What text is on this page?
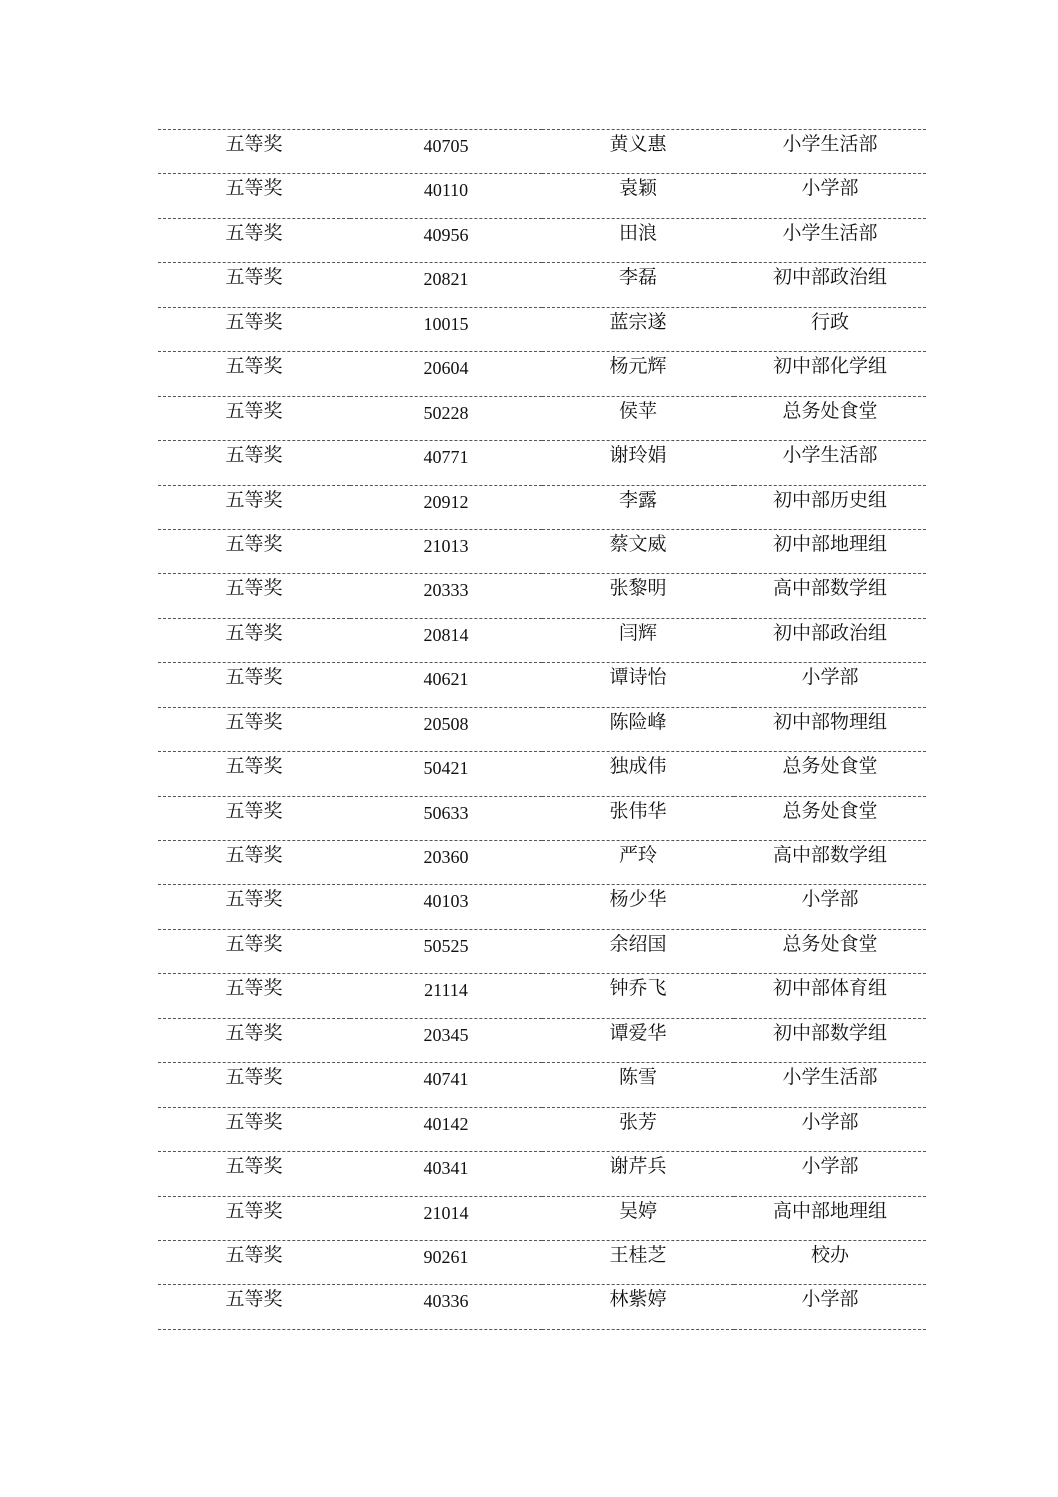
五等奖	40705	黄义惠	小学生活部
五等奖	40110	袁颖	小学部
五等奖	40956	田浪	小学生活部
五等奖	20821	李磊	初中部政治组
五等奖	10015	蓝宗遂	行政
五等奖	20604	杨元辉	初中部化学组
五等奖	50228	侯苹	总务处食堂
五等奖	40771	谢玲娟	小学生活部
五等奖	20912	李露	初中部历史组
五等奖	21013	蔡文威	初中部地理组
五等奖	20333	张黎明	高中部数学组
五等奖	20814	闫辉	初中部政治组
五等奖	40621	谭诗怡	小学部
五等奖	20508	陈险峰	初中部物理组
五等奖	50421	独成伟	总务处食堂
五等奖	50633	张伟华	总务处食堂
五等奖	20360	严玲	高中部数学组
五等奖	40103	杨少华	小学部
五等奖	50525	余绍国	总务处食堂
五等奖	21114	钟乔飞	初中部体育组
五等奖	20345	谭爱华	初中部数学组
五等奖	40741	陈雪	小学生活部
五等奖	40142	张芳	小学部
五等奖	40341	谢芹兵	小学部
五等奖	21014	吴婷	高中部地理组
五等奖	90261	王桂芝	校办
五等奖	40336	林紫婷	小学部
